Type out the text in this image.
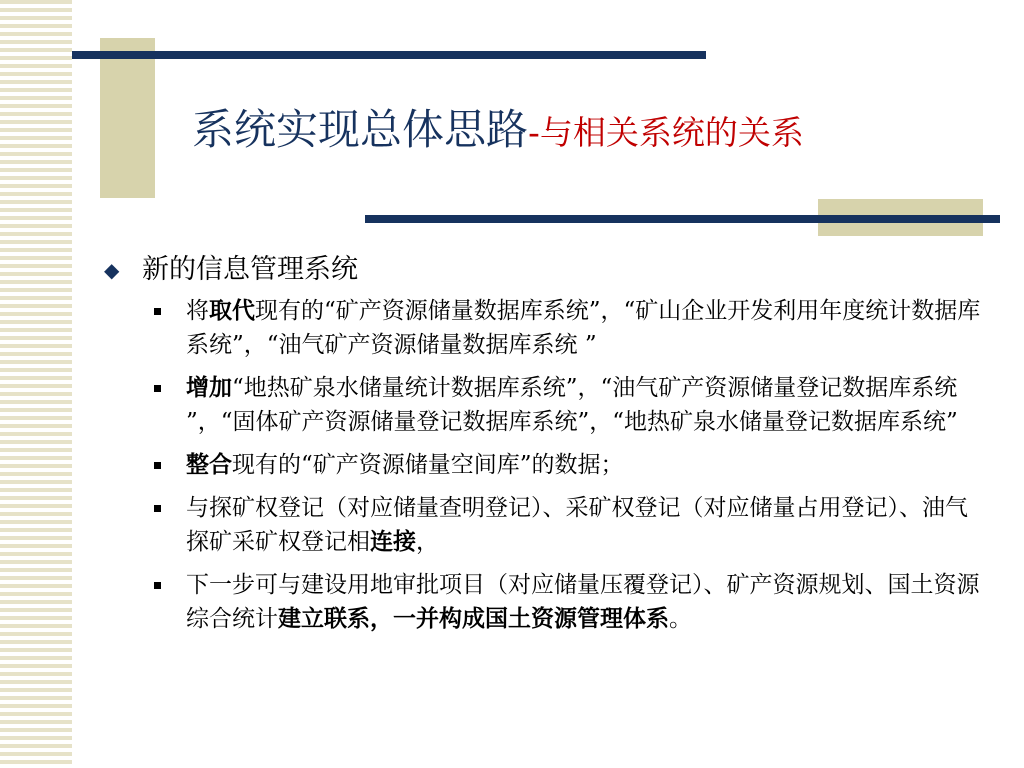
系统实现总体思路-与相关系统的关系
◆ 新的信息管理系统
将取代现有的“矿产资源储量数据库系统”，“矿山企业开发利用年度统计数据库系统”，“油气矿产资源储量数据库系统 ”
增加“地热矿泉水储量统计数据库系统”，“油气矿产资源储量登记数据库系统 ”，“固体矿产资源储量登记数据库系统”，“地热矿泉水储量登记数据库系统”
整合现有的“矿产资源储量空间库”的数据；
与探矿权登记（对应储量查明登记）、采矿权登记（对应储量占用登记）、油气探矿采矿权登记相连接，
下一步可与建设用地审批项目（对应储量压覆登记）、矿产资源规划、国土资源综合统计建立联系，一并构成国土资源管理体系。
